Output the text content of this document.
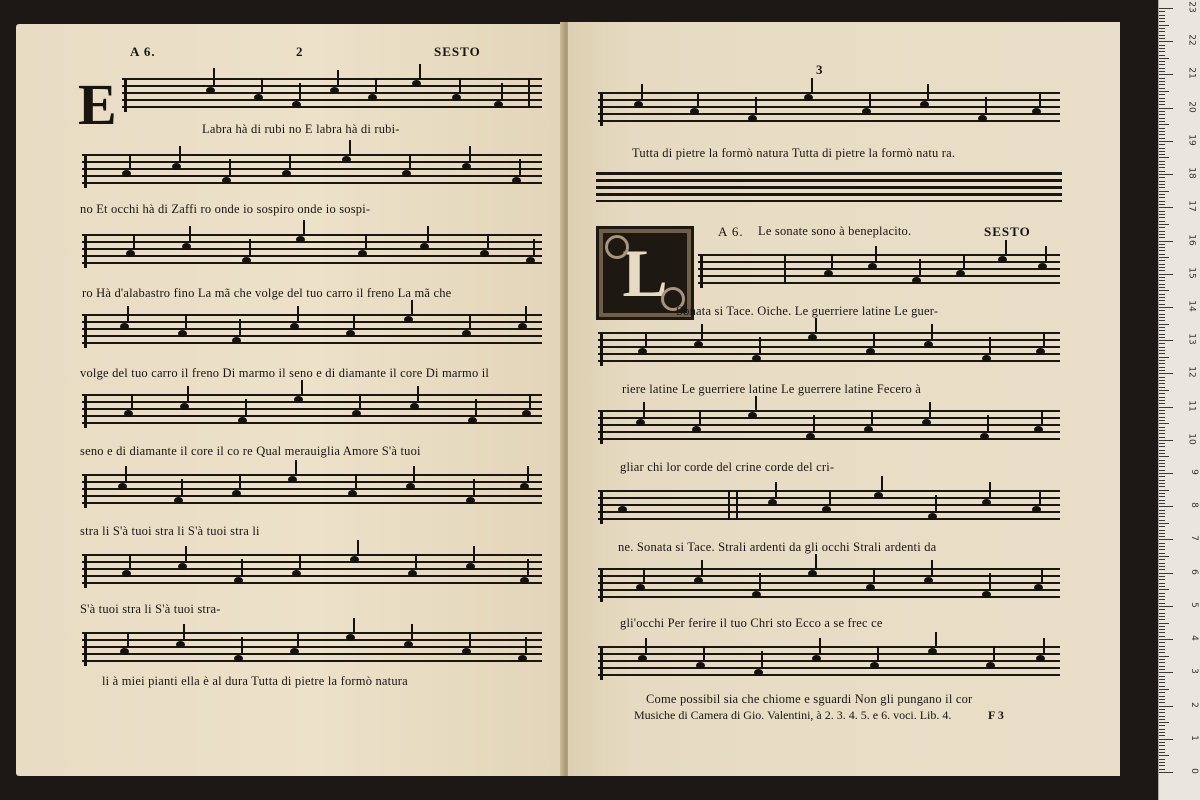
A 6.	2	SESTO
E	Labra hà di rubi no E labra hà di rubi-
no Et occhi hà di Zaffi ro onde io sospiro onde io sospi-
ro Hà d'alabastro fino La mã che volge del tuo carro il freno La mã che
volge del tuo carro il freno Di marmo il seno e di diamante il core Di marmo il
seno e di diamante il core il co re Qual merauiglia Amore S'à tuoi
stra li S'à tuoi stra li S'à tuoi stra li
S'à tuoi stra li S'à tuoi stra-
li à miei pianti ella è al dura Tutta di pietre la formò natura
3
Tutta di pietre la formò natura Tutta di pietre la formò natu ra.
A 6. Le sonate sono à beneplacito.	SESTO
L
Sonata si Tace. Oiche. Le guerriere latine Le guer-
riere latine Le guerriere latine Le guerrere latine Fecero à
gliar chi lor corde del crine corde del cri-
ne. Sonata si Tace. Strali ardenti da gli occhi Strali ardenti da
gli'occhi Per ferire il tuo Chri sto Ecco a se frec ce
Come possibil sia che chiome e sguardi Non gli pungano il cor
Musiche di Camera di Gio. Valentini, à 2. 3. 4. 5. e 6. voci. Lib. 4.	F 3
23
22
21
20
19
18
17
16
15
14
13
12
11
10
9
8
7
6
5
4
3
2
1
0
